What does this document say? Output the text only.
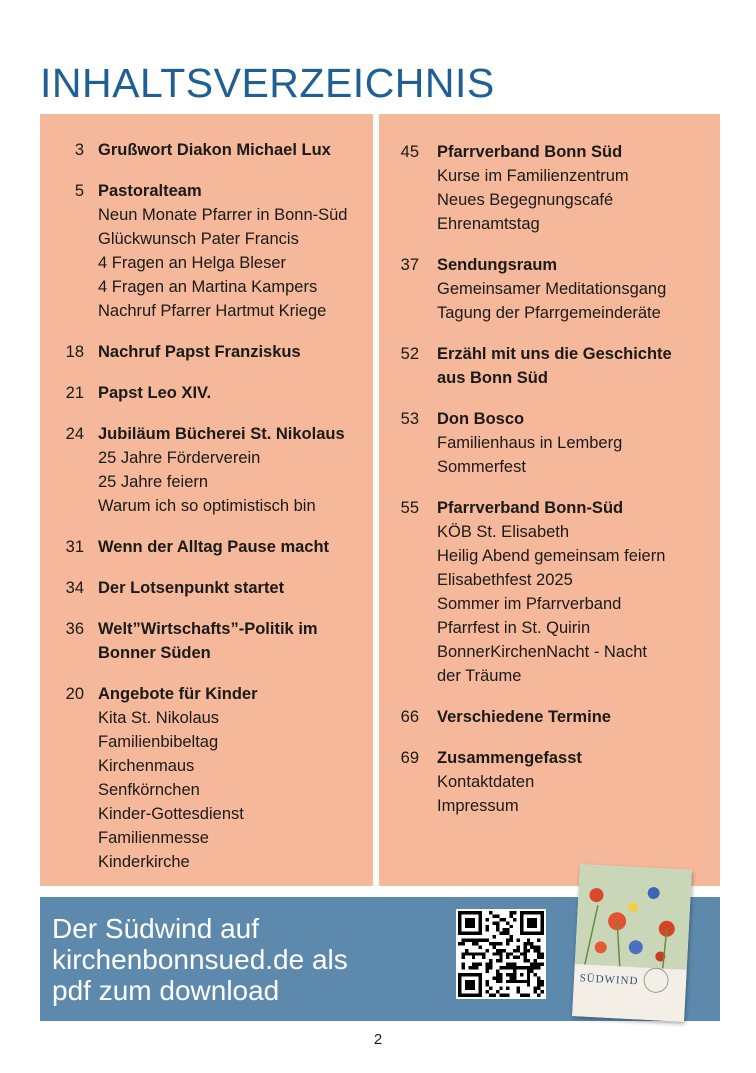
INHALTSVERZEICHNIS
3 Grußwort Diakon Michael Lux
5 Pastoralteam
Neun Monate Pfarrer in Bonn-Süd
Glückwunsch Pater Francis
4 Fragen an Helga Bleser
4 Fragen an Martina Kampers
Nachruf Pfarrer Hartmut Kriege
18 Nachruf Papst Franziskus
21 Papst Leo XIV.
24 Jubiläum Bücherei St. Nikolaus
25 Jahre Förderverein
25 Jahre feiern
Warum ich so optimistisch bin
31 Wenn der Alltag Pause macht
34 Der Lotsenpunkt startet
36 Welt”Wirtschafts”-Politik im
Bonner Süden
20 Angebote für Kinder
Kita St. Nikolaus
Familienbibeltag
Kirchenmaus
Senfkörnchen
Kinder-Gottesdienst
Familienmesse
Kinderkirche
45	Pfarrverband Bonn Süd
Kurse im Familienzentrum
Neues Begegnungscafé
Ehrenamtstag
37	Sendungsraum
Gemeinsamer Meditationsgang
Tagung der Pfarrgemeinderäte
52	Erzähl mit uns die Geschichte
aus Bonn Süd
53	Don Bosco
Familienhaus in Lemberg
Sommerfest
55	Pfarrverband Bonn-Süd
KÖB St. Elisabeth
Heilig Abend gemeinsam feiern
Elisabethfest 2025
Sommer im Pfarrverband
Pfarrfest in St. Quirin
BonnerKirchenNacht - Nacht
der Träume
66	Verschiedene Termine
69	Zusammengefasst
Kontaktdaten
Impressum
Der Südwind auf
kirchenbonnsued.de als
pdf zum download	SÜDWIND
2
